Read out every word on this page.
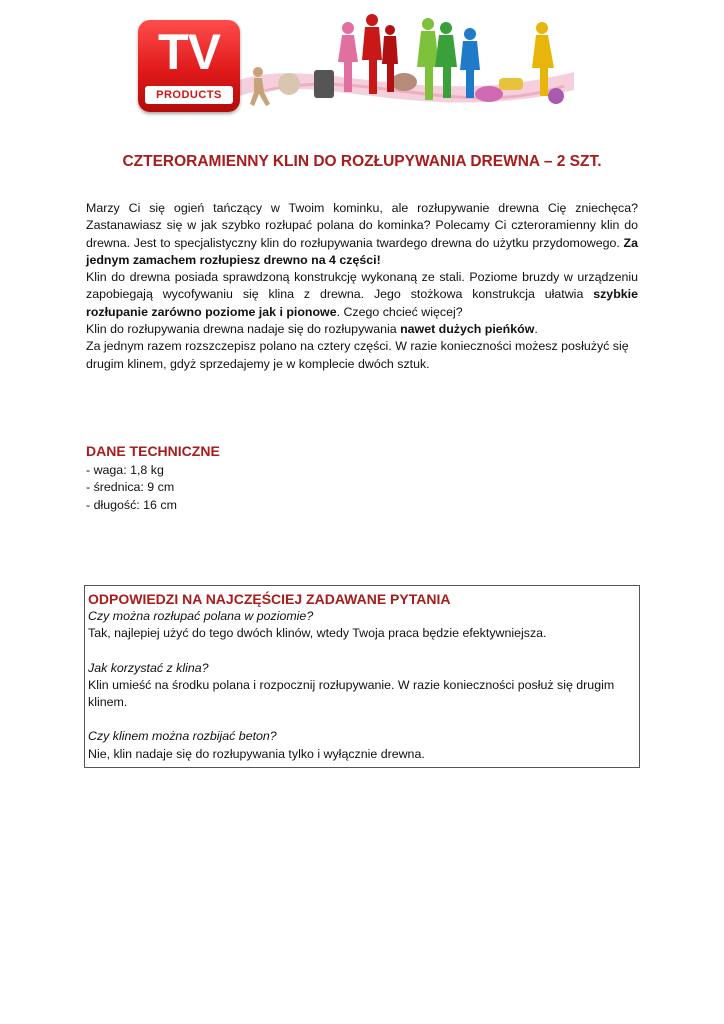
TV
PRODUCTS
CZTERORAMIENNY KLIN DO ROZŁUPYWANIA DREWNA – 2 SZT.

Marzy Ci się ogień tańczący w Twoim kominku, ale rozłupywanie drewna Cię zniechęca? Zastanawiasz się w jak szybko rozłupać polana do kominka? Polecamy Ci czteroramienny klin do drewna. Jest to specjalistyczny klin do rozłupywania twardego drewna do użytku przydomowego. Za jednym zamachem rozłupiesz drewno na 4 części!

Klin do drewna posiada sprawdzoną konstrukcję wykonaną ze stali. Poziome bruzdy w urządzeniu zapobiegają wycofywaniu się klina z drewna. Jego stożkowa konstrukcja ułatwia szybkie rozłupanie zarówno poziome jak i pionowe. Czego chcieć więcej?

Klin do rozłupywania drewna nadaje się do rozłupywania nawet dużych pieńków.

Za jednym razem rozszczepisz polano na cztery części. W razie konieczności możesz posłużyć się drugim klinem, gdyż sprzedajemy je w komplecie dwóch sztuk.

DANE TECHNICZNE
- waga: 1,8 kg
- średnica: 9 cm
- długość: 16 cm
ODPOWIEDZI NA NAJCZĘŚCIEJ ZADAWANE PYTANIA

Czy można rozłupać polana w poziomie?

Tak, najlepiej użyć do tego dwóch klinów, wtedy Twoja praca będzie efektywniejsza.

Jak korzystać z klina?

Klin umieść na środku polana i rozpocznij rozłupywanie. W razie konieczności posłuż się drugim klinem.

Czy klinem można rozbijać beton?

Nie, klin nadaje się do rozłupywania tylko i wyłącznie drewna.
